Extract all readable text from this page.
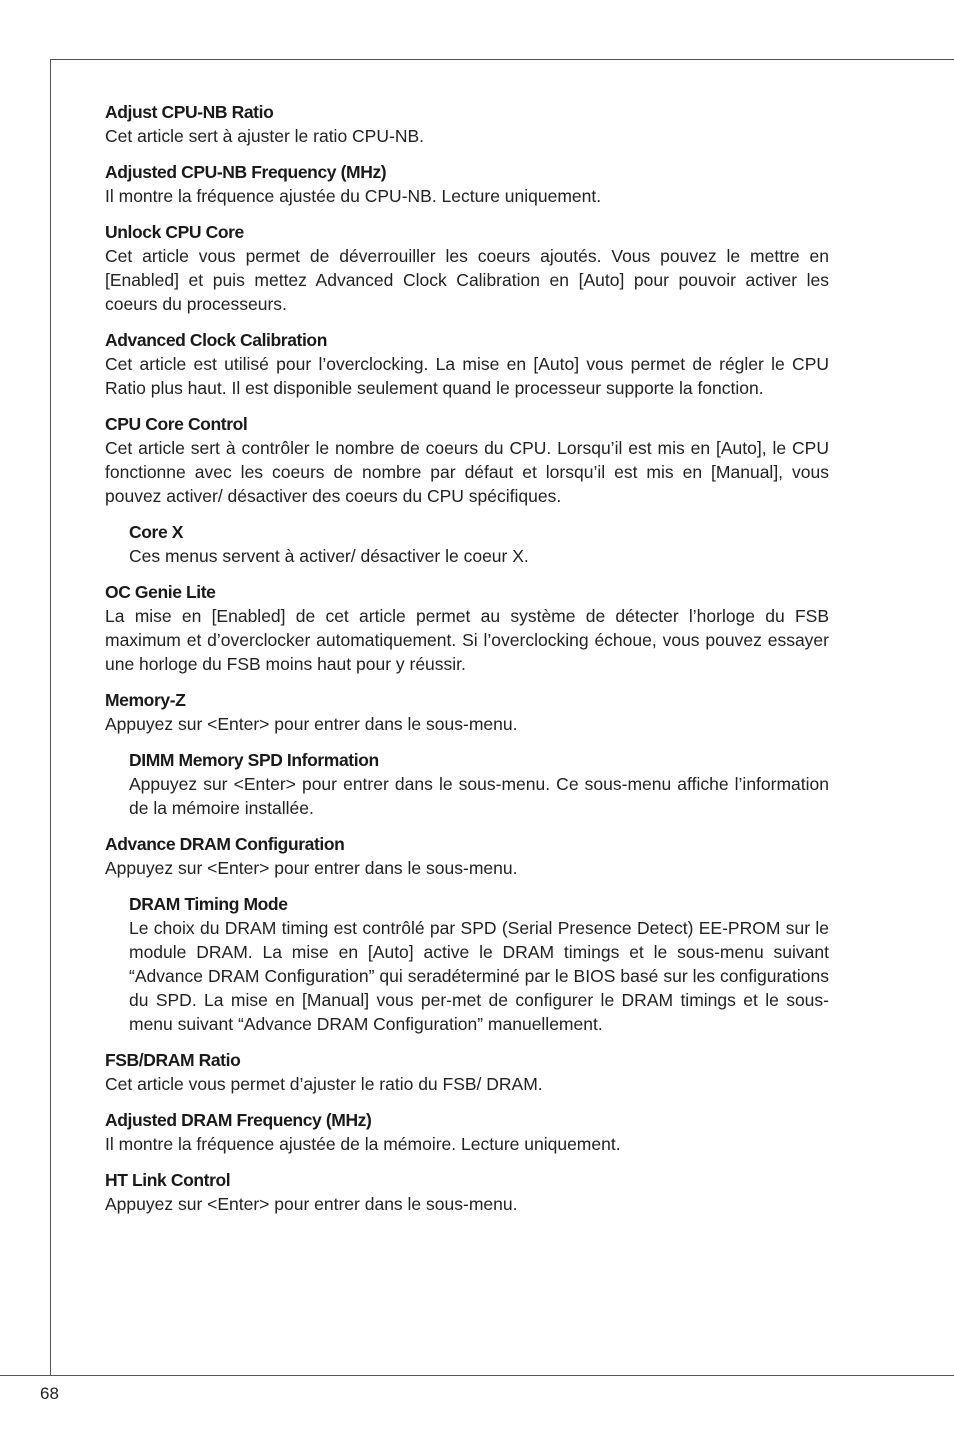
Adjust CPU-NB Ratio
Cet article sert à ajuster le ratio CPU-NB.
Adjusted CPU-NB Frequency (MHz)
Il montre la fréquence ajustée du CPU-NB. Lecture uniquement.
Unlock CPU Core
Cet article vous permet de déverrouiller les coeurs ajoutés. Vous pouvez le mettre en [Enabled] et puis mettez Advanced Clock Calibration en [Auto] pour pouvoir activer les coeurs du processeurs.
Advanced Clock Calibration
Cet article est utilisé pour l’overclocking. La mise en [Auto] vous permet de régler le CPU Ratio plus haut. Il est disponible seulement quand le processeur supporte la fonction.
CPU Core Control
Cet article sert à contrôler le nombre de coeurs du CPU. Lorsqu’il est mis en [Auto], le CPU fonctionne avec les coeurs de nombre par défaut et lorsqu’il est mis en [Manual], vous pouvez activer/ désactiver des coeurs du CPU spécifiques.
Core X
Ces menus servent à activer/ désactiver le coeur X.
OC Genie Lite
La mise en [Enabled] de cet article permet au système de détecter l’horloge du FSB maximum et d’overclocker automatiquement. Si l’overclocking échoue, vous pouvez essayer une horloge du FSB moins haut pour y réussir.
Memory-Z
Appuyez sur <Enter> pour entrer dans le sous-menu.
DIMM Memory SPD Information
Appuyez sur <Enter> pour entrer dans le sous-menu. Ce sous-menu affiche l’information de la mémoire installée.
Advance DRAM Configuration
Appuyez sur <Enter> pour entrer dans le sous-menu.
DRAM Timing Mode
Le choix du DRAM timing est contrôlé par SPD (Serial Presence Detect) EE-PROM sur le module DRAM. La mise en [Auto] active le DRAM timings et le sous-menu suivant “Advance DRAM Configuration” qui seradéterminé par le BIOS basé sur les configurations du SPD. La mise en [Manual] vous per-met de configurer le DRAM timings et le sous-menu suivant “Advance DRAM Configuration” manuellement.
FSB/DRAM Ratio
Cet article vous permet d’ajuster le ratio du FSB/ DRAM.
Adjusted DRAM Frequency (MHz)
Il montre la fréquence ajustée de la mémoire. Lecture uniquement.
HT Link Control
Appuyez sur <Enter> pour entrer dans le sous-menu.
68
